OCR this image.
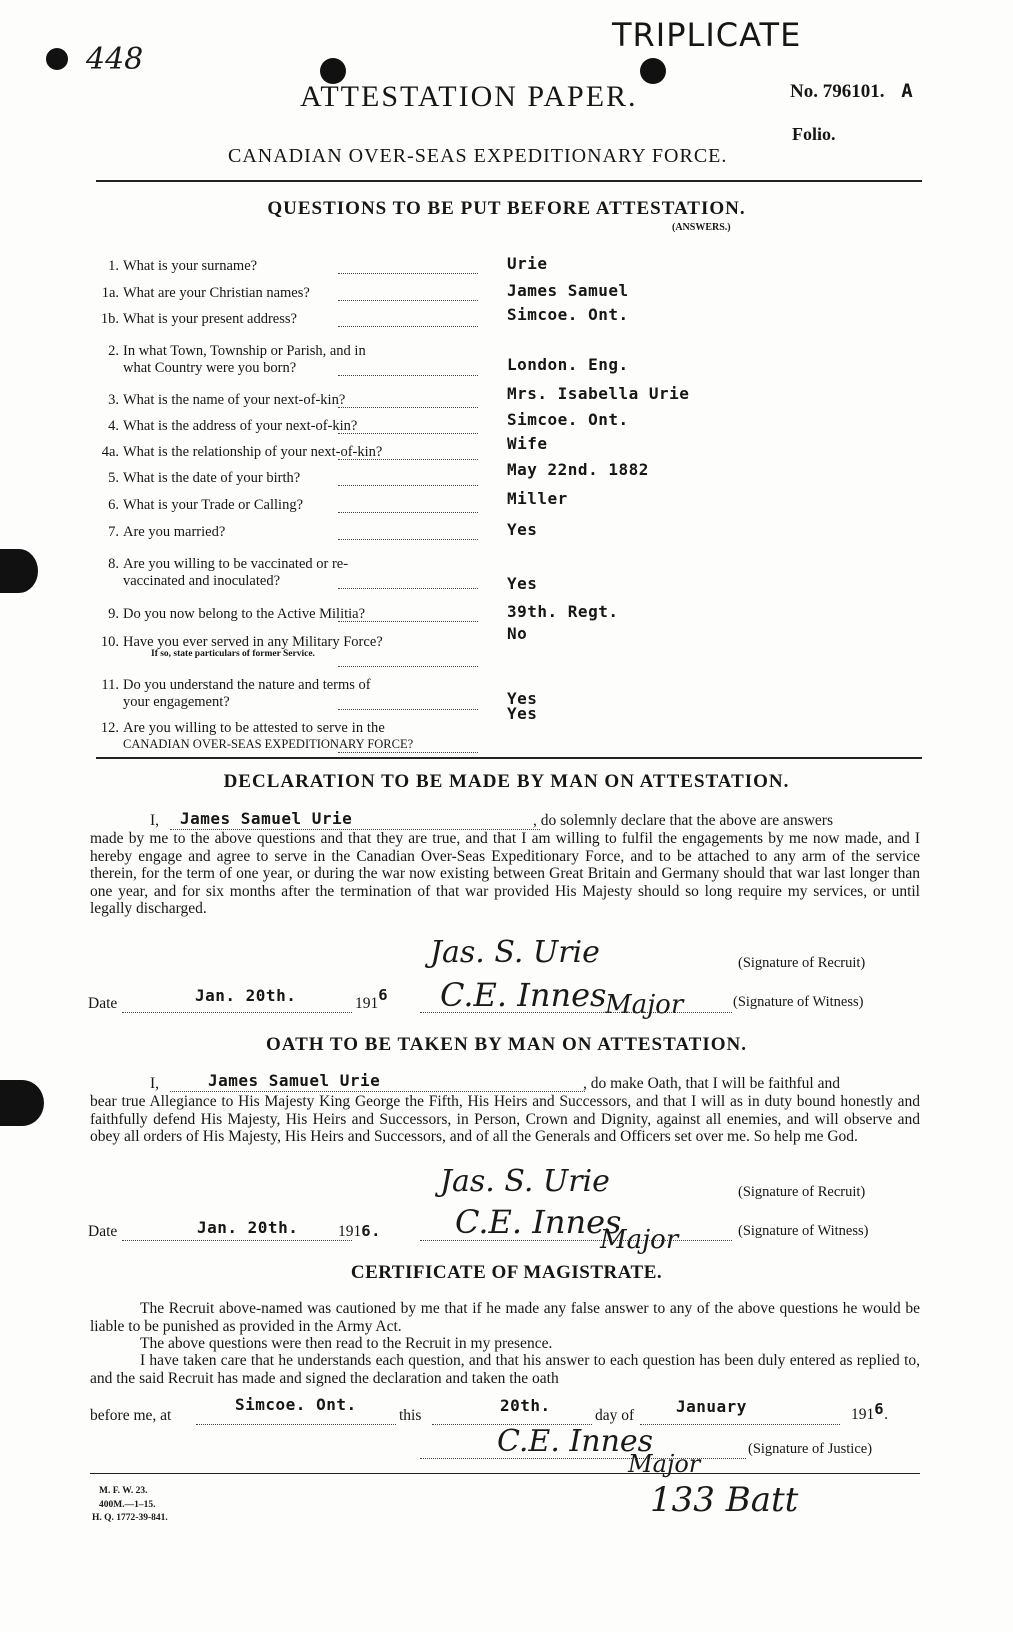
448
TRIPLICATE
ATTESTATION PAPER.	No. 796101. A
Folio.
CANADIAN OVER-SEAS EXPEDITIONARY FORCE.
QUESTIONS TO BE PUT BEFORE ATTESTATION.
(ANSWERS.)
1. What is your surname?	Urie
1a. What are your Christian names?	James Samuel
1b. What is your present address?	Simcoe. Ont.
2. In what Town, Township or Parish, and in
what Country were you born?	London. Eng.
3. What is the name of your next-of-kin?	Mrs. Isabella Urie
4. What is the address of your next-of-kin?	Simcoe. Ont.
4a. What is the relationship of your next-of-kin?	Wife
5. What is the date of your birth?	May 22nd. 1882
6. What is your Trade or Calling?	Miller
7. Are you married?	Yes
8. Are you willing to be vaccinated or re-
vaccinated and inoculated?	Yes
9. Do you now belong to the Active Militia?	39th. Regt.
10. Have you ever served in any Military Force?
If so, state particulars of former Service.
No
11. Do you understand the nature and terms of
your engagement?	Yes
12. Are you willing to be attested to serve in the
CANADIAN OVER-SEAS EXPEDITIONARY FORCE?
Yes
DECLARATION TO BE MADE BY MAN ON ATTESTATION.
I, James Samuel Urie	, do solemnly declare that the above are answers
made by me to the above questions and that they are true, and that I am willing to fulfil the engagements by me now made, and I hereby engage and agree to serve in the Canadian Over-Seas Expeditionary Force, and to be attached to any arm of the service therein, for the term of one year, or during the war now existing between Great Britain and Germany should that war last longer than one year, and for six months after the termination of that war provided His Majesty should so long require my services, or until legally discharged.
Jas. S. Urie	(Signature of Recruit)
Date	Jan. 20th.	1916 C.E. Innes
Major	(Signature of Witness)
OATH TO BE TAKEN BY MAN ON ATTESTATION.
I,	James Samuel Urie	, do make Oath, that I will be faithful and
bear true Allegiance to His Majesty King George the Fifth, His Heirs and Successors, and that I will as in duty bound honestly and faithfully defend His Majesty, His Heirs and Successors, in Person, Crown and Dignity, against all enemies, and will observe and obey all orders of His Majesty, His Heirs and Successors, and of all the Generals and Officers set over me. So help me God.
Jas. S. Urie	(Signature of Recruit)
Date	Jan. 20th.	1916. C.E. Innes
Major	(Signature of Witness)
CERTIFICATE OF MAGISTRATE.
The Recruit above-named was cautioned by me that if he made any false answer to any of the above questions he would be liable to be punished as provided in the Army Act.
The above questions were then read to the Recruit in my presence.
I have taken care that he understands each question, and that his answer to each question has been duly entered as replied to, and the said Recruit has made and signed the declaration and taken the oath
before me, at
Simcoe. Ont.
this
20th.
day of	January	1916.
C.E. Innes
Major
(Signature of Justice)
133 Batt
M. F. W. 23.
400M.—1–15.
H. Q. 1772-39-841.
